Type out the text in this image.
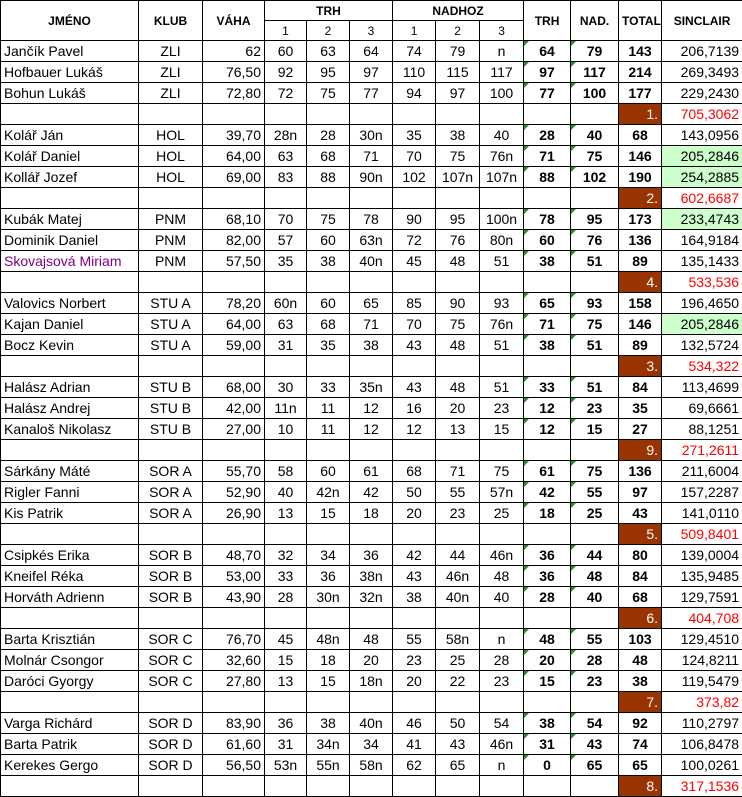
JMÉNO	KLUB	VÁHA	TRH			NADHOZ			TRH	NAD.	TOTAL	SINCLAIR
			1	2	3	1	2	3				
Jančík Pavel	ZLI	62	60	63	64	74	79	n	64	79	143	206,7139
Hofbauer Lukáš	ZLI	76,50	92	95	97	110	115	117	97	117	214	269,3493
Bohun Lukáš	ZLI	72,80	72	75	77	94	97	100	77	100	177	229,2430
											1.	705,3062
Kolář Ján	HOL	39,70	28n	28	30n	35	38	40	28	40	68	143,0956
Kolář Daniel	HOL	64,00	63	68	71	70	75	76n	71	75	146	205,2846
Kollář Jozef	HOL	69,00	83	88	90n	102	107n	107n	88	102	190	254,2885
											2.	602,6687
Kubák Matej	PNM	68,10	70	75	78	90	95	100n	78	95	173	233,4743
Dominik Daniel	PNM	82,00	57	60	63n	72	76	80n	60	76	136	164,9184
Skovajsová Miriam	PNM	57,50	35	38	40n	45	48	51	38	51	89	135,1433
											4.	533,536
Valovics Norbert	STU A	78,20	60n	60	65	85	90	93	65	93	158	196,4650
Kajan Daniel	STU A	64,00	63	68	71	70	75	76n	71	75	146	205,2846
Bocz Kevin	STU A	59,00	31	35	38	43	48	51	38	51	89	132,5724
											3.	534,322
Halász Adrian	STU B	68,00	30	33	35n	43	48	51	33	51	84	113,4699
Halász Andrej	STU B	42,00	11n	11	12	16	20	23	12	23	35	69,6661
Kanaloš Nikolasz	STU B	27,00	10	11	12	12	13	15	12	15	27	88,1251
											9.	271,2611
Sárkány Máté	SOR A	55,70	58	60	61	68	71	75	61	75	136	211,6004
Rigler Fanni	SOR A	52,90	40	42n	42	50	55	57n	42	55	97	157,2287
Kis Patrik	SOR A	26,90	13	15	18	20	23	25	18	25	43	141,0110
											5.	509,8401
Csipkés Erika	SOR B	48,70	32	34	36	42	44	46n	36	44	80	139,0004
Kneifel Réka	SOR B	53,00	33	36	38n	43	46n	48	36	48	84	135,9485
Horváth Adrienn	SOR B	43,90	28	30n	32n	38	40n	40	28	40	68	129,7591
											6.	404,708
Barta Krisztián	SOR C	76,70	45	48n	48	55	58n	n	48	55	103	129,4510
Molnár Csongor	SOR C	32,60	15	18	20	23	25	28	20	28	48	124,8211
Daróci Gyorgy	SOR C	27,80	13	15	18n	20	22	23	15	23	38	119,5479
											7.	373,82
Varga Richárd	SOR D	83,90	36	38	40n	46	50	54	38	54	92	110,2797
Barta Patrik	SOR D	61,60	31	34n	34	41	43	46n	31	43	74	106,8478
Kerekes Gergo	SOR D	56,50	53n	55n	58n	62	65	n	0	65	65	100,0261
											8.	317,1536
